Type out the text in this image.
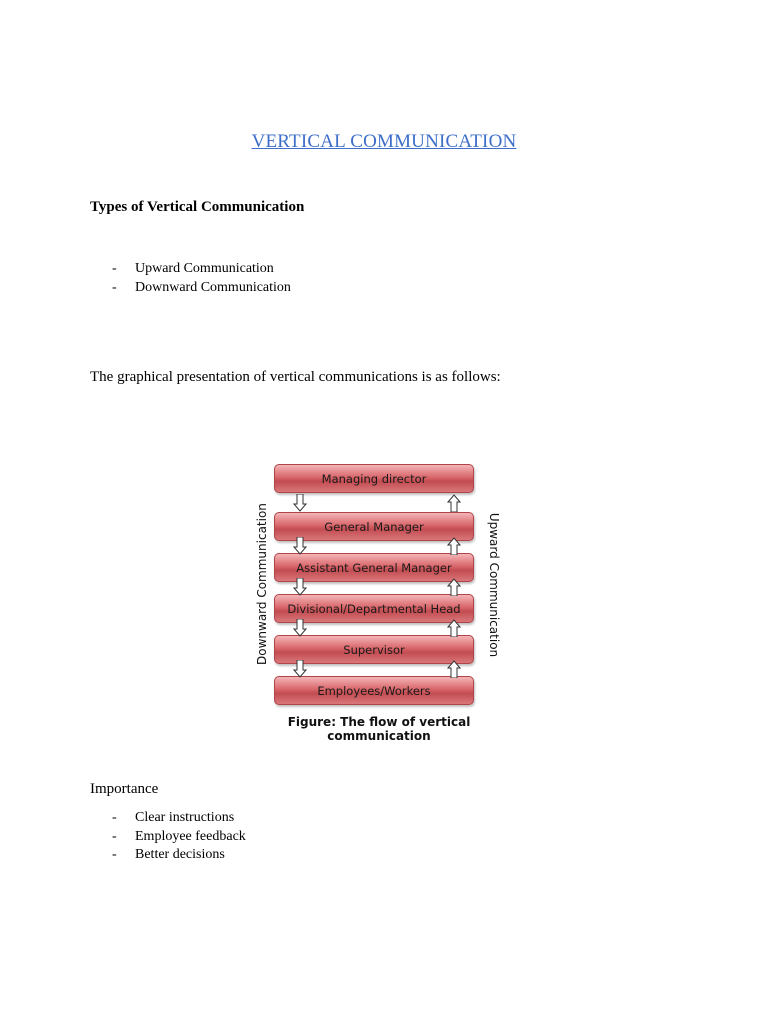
VERTICAL COMMUNICATION
Types of Vertical Communication
- Upward Communication
- Downward Communication
The graphical presentation of vertical communications is as follows:
Managing director
General Manager
Assistant General Manager
Divisional/Departmental Head
Supervisor
Employees/Workers
Downward Communication	Upward Communication
Figure: The flow of vertical communication
Importance
- Clear instructions
- Employee feedback
- Better decisions
